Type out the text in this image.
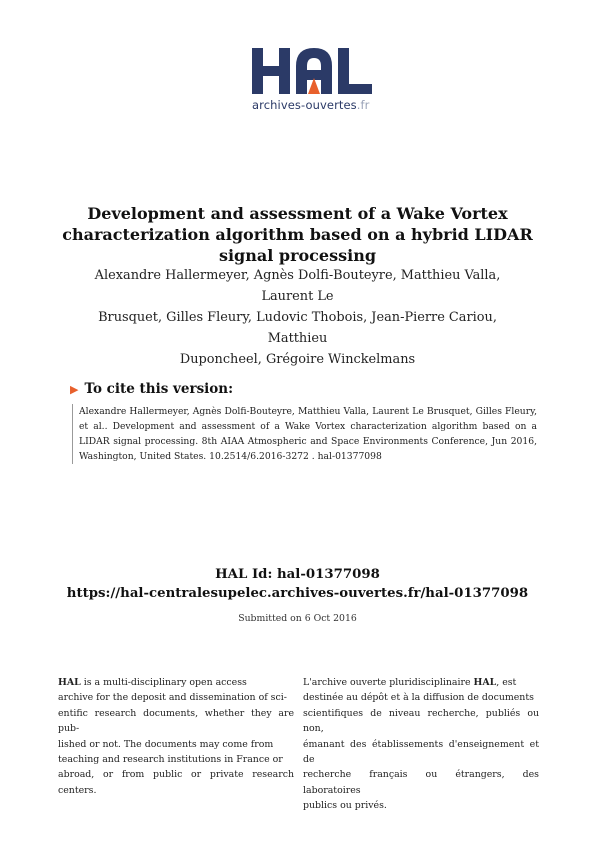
archives-ouvertes.fr
Development and assessment of a Wake Vortex
characterization algorithm based on a hybrid LIDAR
signal processing

Alexandre Hallermeyer, Agnès Dolfi-Bouteyre, Matthieu Valla, Laurent Le
Brusquet, Gilles Fleury, Ludovic Thobois, Jean-Pierre Cariou, Matthieu
Duponcheel, Grégoire Winckelmans

▶ To cite this version:
Alexandre Hallermeyer, Agnès Dolfi-Bouteyre, Matthieu Valla, Laurent Le Brusquet, Gilles Fleury,
et al.. Development and assessment of a Wake Vortex characterization algorithm based on a
LIDAR signal processing. 8th AIAA Atmospheric and Space Environments Conference, Jun 2016,
Washington, United States. 10.2514/6.2016-3272 . hal-01377098
HAL Id: hal-01377098
https://hal-centralesupelec.archives-ouvertes.fr/hal-01377098
Submitted on 6 Oct 2016
HAL is a multi-disciplinary open access
archive for the deposit and dissemination of sci-
entific research documents, whether they are pub-
lished or not. The documents may come from
teaching and research institutions in France or
abroad, or from public or private research centers.
L'archive ouverte pluridisciplinaire HAL, est
destinée au dépôt et à la diffusion de documents
scientifiques de niveau recherche, publiés ou non,
émanant des établissements d'enseignement et de
recherche français ou étrangers, des laboratoires
publics ou privés.
